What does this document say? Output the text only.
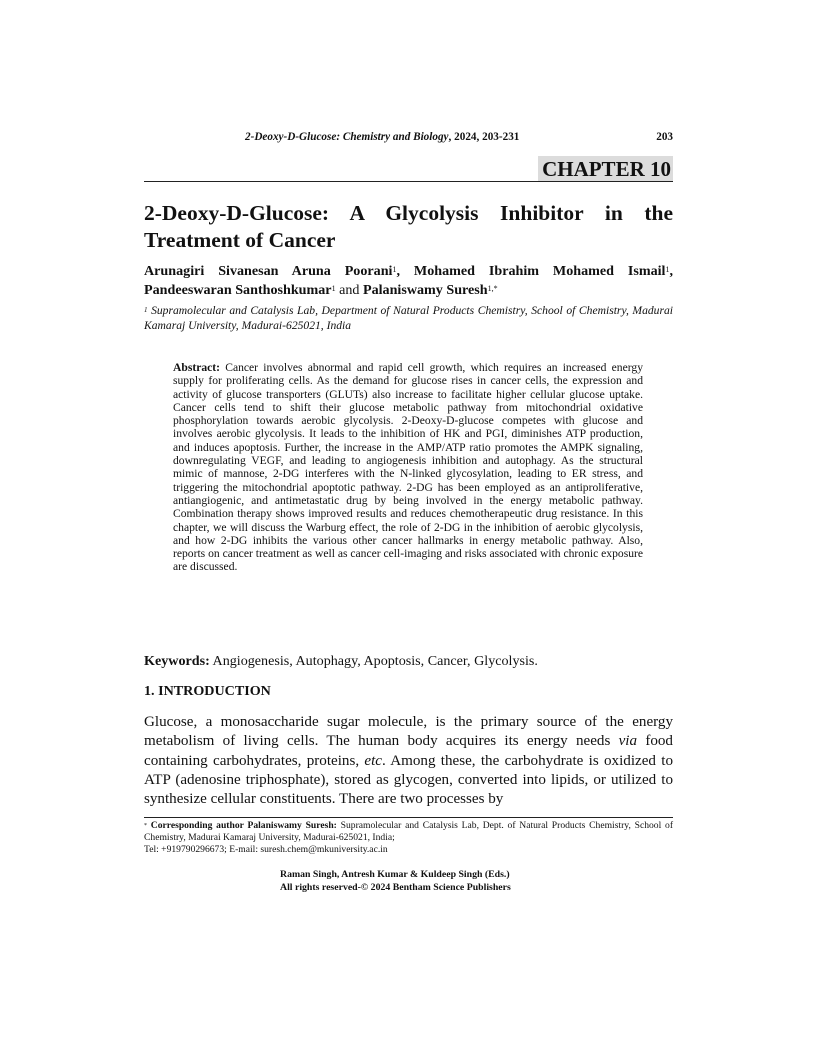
2-Deoxy-D-Glucose: Chemistry and Biology, 2024, 203-231	203
CHAPTER 10
2-Deoxy-D-Glucose: A Glycolysis Inhibitor in the Treatment of Cancer
Arunagiri Sivanesan Aruna Poorani$^1$, Mohamed Ibrahim Mohamed Ismail$^1$, Pandeeswaran Santhoshkumar$^1$ and Palaniswamy Suresh$^{1,*}$
$^1$ Supramolecular and Catalysis Lab, Department of Natural Products Chemistry, School of Chemistry, Madurai Kamaraj University, Madurai-625021, India
Abstract: Cancer involves abnormal and rapid cell growth, which requires an increased energy supply for proliferating cells. As the demand for glucose rises in cancer cells, the expression and activity of glucose transporters (GLUTs) also increase to facilitate higher cellular glucose uptake. Cancer cells tend to shift their glucose metabolic pathway from mitochondrial oxidative phosphorylation towards aerobic glycolysis. 2-Deoxy-D-glucose competes with glucose and involves aerobic glycolysis. It leads to the inhibition of HK and PGI, diminishes ATP production, and induces apoptosis. Further, the increase in the AMP/ATP ratio promotes the AMPK signaling, downregulating VEGF, and leading to angiogenesis inhibition and autophagy. As the structural mimic of mannose, 2-DG interferes with the N-linked glycosylation, leading to ER stress, and triggering the mitochondrial apoptotic pathway. 2-DG has been employed as an antiproliferative, antiangiogenic, and antimetastatic drug by being involved in the energy metabolic pathway. Combination therapy shows improved results and reduces chemotherapeutic drug resistance. In this chapter, we will discuss the Warburg effect, the role of 2-DG in the inhibition of aerobic glycolysis, and how 2-DG inhibits the various other cancer hallmarks in energy metabolic pathway. Also, reports on cancer treatment as well as cancer cell-imaging and risks associated with chronic exposure are discussed.
Keywords: Angiogenesis, Autophagy, Apoptosis, Cancer, Glycolysis.
1. INTRODUCTION

Glucose, a monosaccharide sugar molecule, is the primary source of the energy metabolism of living cells. The human body acquires its energy needs via food containing carbohydrates, proteins, etc. Among these, the carbohydrate is oxidized to ATP (adenosine triphosphate), stored as glycogen, converted into lipids, or utilized to synthesize cellular constituents. There are two processes by

* Corresponding author Palaniswamy Suresh: Supramolecular and Catalysis Lab, Dept. of Natural Products Chemistry, School of Chemistry, Madurai Kamaraj University, Madurai-625021, India;
Tel: +919790296673; E-mail: suresh.chem@mkuniversity.ac.in
Raman Singh, Antresh Kumar & Kuldeep Singh (Eds.)
All rights reserved-© 2024 Bentham Science Publishers
